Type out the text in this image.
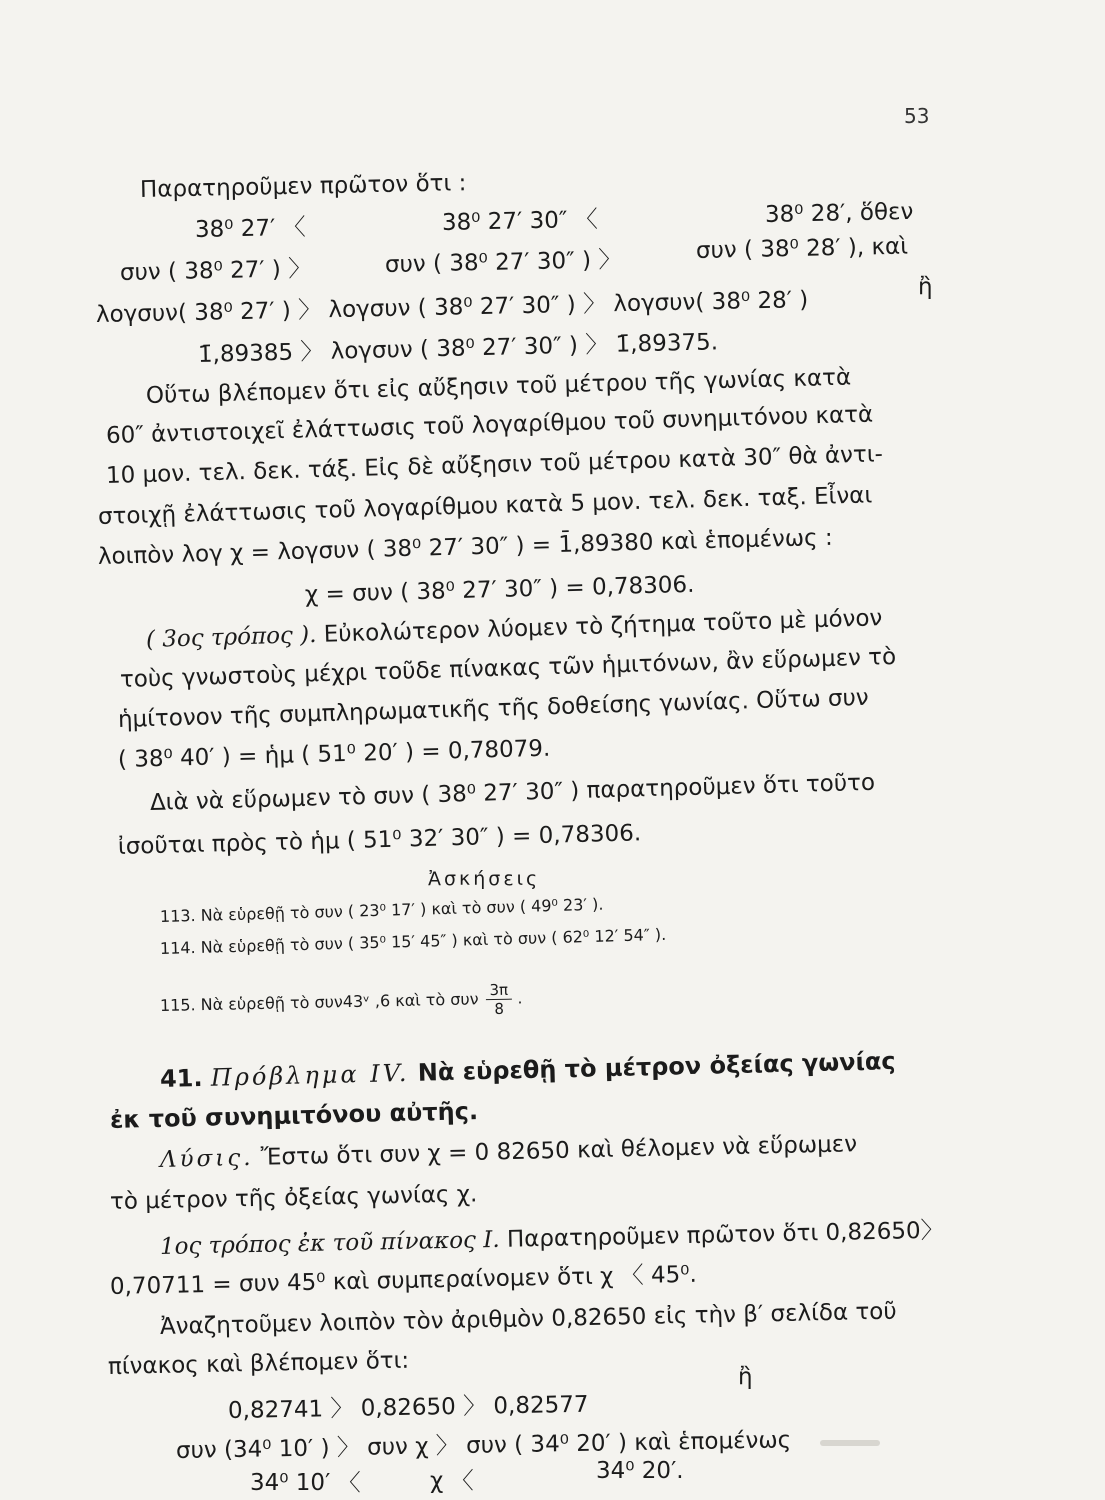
53
Παρατηροῦμεν πρῶτον ὅτι :
38⁰ 27′ 〈	38⁰ 27′ 30″ 〈	38⁰ 28′, ὅθεν
συν ( 38⁰ 27′ ) 〉	συν ( 38⁰ 27′ 30″ ) 〉	συν ( 38⁰ 28′ ), καὶ
λογσυν( 38⁰ 27′ ) 〉 λογσυν ( 38⁰ 27′ 30″ ) 〉 λογσυν( 38⁰ 28′ )
ἢ
1̄,89385 〉 λογσυν ( 38⁰ 27′ 30″ ) 〉 1̄,89375.
Οὕτω βλέπομεν ὅτι εἰς αὔξησιν τοῦ μέτρου τῆς γωνίας κατὰ
60″ ἀντιστοιχεῖ ἐλάττωσις τοῦ λογαρίθμου τοῦ συνημιτόνου κατὰ
10 μον. τελ. δεκ. τάξ. Εἰς δὲ αὔξησιν τοῦ μέτρου κατὰ 30″ θὰ ἀντι-
στοιχῇ ἐλάττωσις τοῦ λογαρίθμου κατὰ 5 μον. τελ. δεκ. ταξ. Εἶναι
λοιπὸν λογ χ = λογσυν ( 38⁰ 27′ 30″ ) = 1̄,89380 καὶ ἑπομένως :
χ = συν ( 38⁰ 27′ 30″ ) = 0,78306.
( 3ος τρόπος ). Εὐκολώτερον λύομεν τὸ ζήτημα τοῦτο μὲ μόνον
τοὺς γνωστοὺς μέχρι τοῦδε πίνακας τῶν ἡμιτόνων, ἂν εὕρωμεν τὸ
ἡμίτονον τῆς συμπληρωματικῆς τῆς δοθείσης γωνίας. Οὕτω συν
( 38⁰ 40′ ) = ἡμ ( 51⁰ 20′ ) = 0,78079.
Διὰ νὰ εὕρωμεν τὸ συν ( 38⁰ 27′ 30″ ) παρατηροῦμεν ὅτι τοῦτο
ἰσοῦται πρὸς τὸ ἡμ ( 51⁰ 32′ 30″ ) = 0,78306.
Ἀσκήσεις
113. Νὰ εὑρεθῇ τὸ συν ( 23⁰ 17′ ) καὶ τὸ συν ( 49⁰ 23′ ).
114. Νὰ εὑρεθῇ τὸ συν ( 35⁰ 15′ 45″ ) καὶ τὸ συν ( 62⁰ 12′ 54″ ).
115. Νὰ εὑρεθῇ τὸ συν43ᵛ ,6 καὶ τὸ συν $\frac{3\pi}{8}$ .
41. Πρόβλημα IV. Νὰ εὑρεθῇ τὸ μέτρον ὀξείας γωνίας
ἐκ τοῦ συνημιτόνου αὐτῆς.
Λύσις. Ἔστω ὅτι συν χ = 0 82650 καὶ θέλομεν νὰ εὕρωμεν
τὸ μέτρον τῆς ὀξείας γωνίας χ.
1ος τρόπος ἐκ τοῦ πίνακος Ι. Παρατηροῦμεν πρῶτον ὅτι 0,82650〉
0,70711 = συν 45⁰ καὶ συμπεραίνομεν ὅτι χ 〈 45⁰.
Ἀναζητοῦμεν λοιπὸν τὸν ἀριθμὸν 0,82650 εἰς τὴν β′ σελίδα τοῦ
πίνακος καὶ βλέπομεν ὅτι:
0,82741 〉 0,82650 〉 0,82577
ἢ
συν (34⁰ 10′ ) 〉 συν χ 〉 συν ( 34⁰ 20′ ) καὶ ἑπομένως
34⁰ 10′ 〈	χ 〈	34⁰ 20′.
